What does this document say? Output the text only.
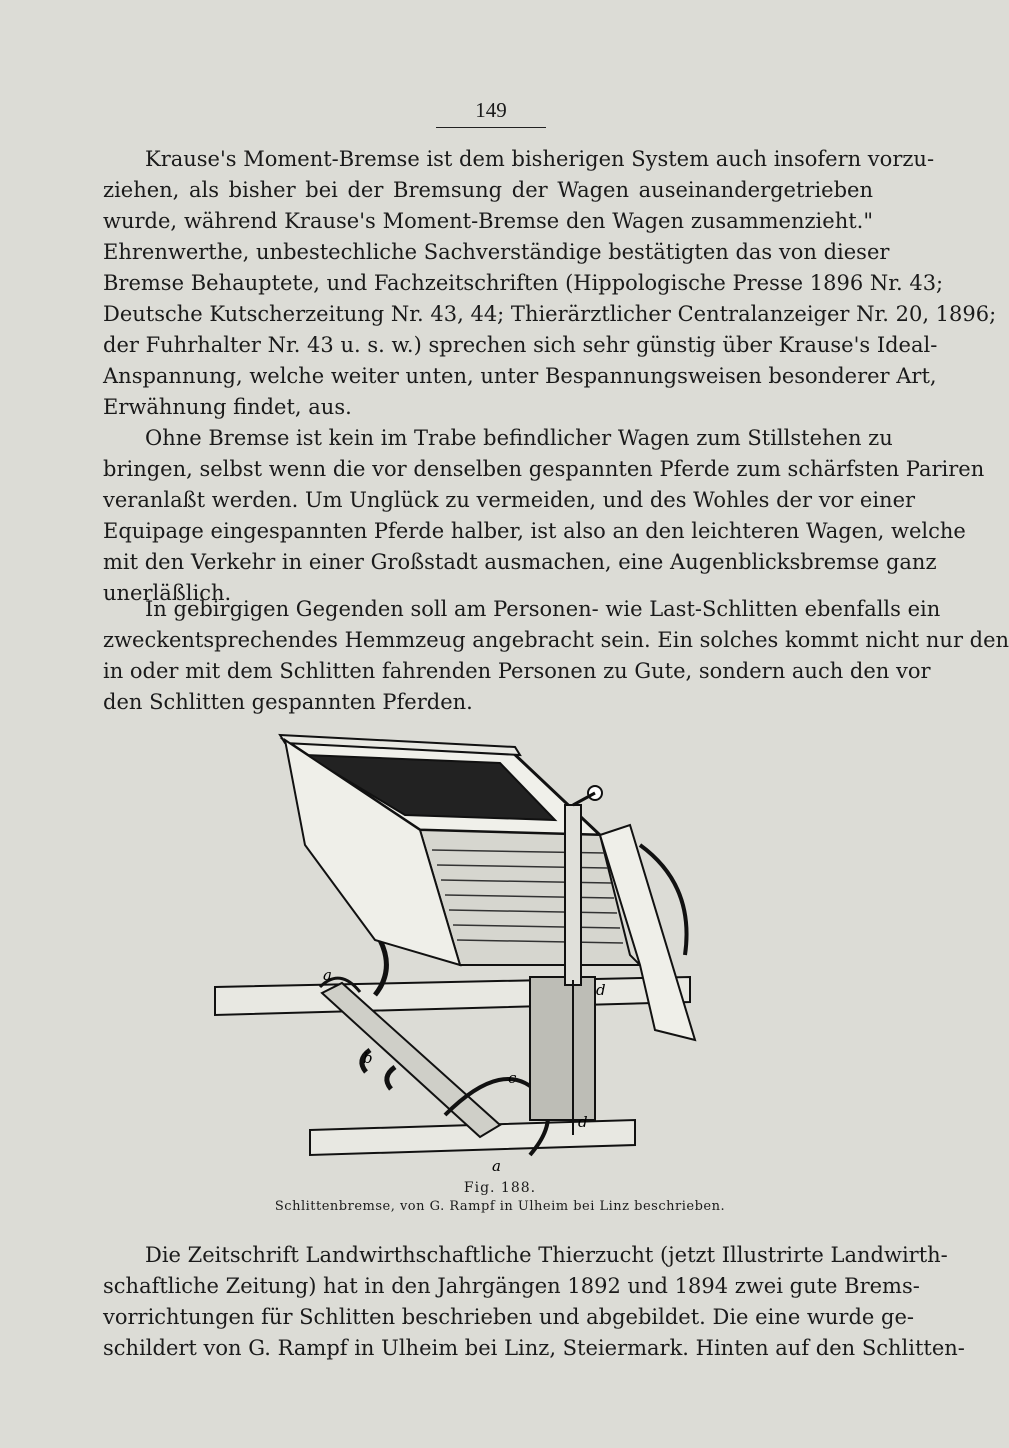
149
Krause's Moment-Bremse ist dem bisherigen System auch insofern vorzu-
ziehen, als bisher bei der Bremsung der Wagen auseinandergetrieben
wurde, während Krause's Moment-Bremse den Wagen zusammenzieht."
Ehrenwerthe, unbestechliche Sachverständige bestätigten das von dieser
Bremse Behauptete, und Fachzeitschriften (Hippologische Presse 1896 Nr. 43;
Deutsche Kutscherzeitung Nr. 43, 44; Thierärztlicher Centralanzeiger Nr. 20, 1896;
der Fuhrhalter Nr. 43 u. s. w.) sprechen sich sehr günstig über Krause's Ideal-
Anspannung, welche weiter unten, unter Bespannungsweisen besonderer Art,
Erwähnung findet, aus.
Ohne Bremse ist kein im Trabe befindlicher Wagen zum Stillstehen zu
bringen, selbst wenn die vor denselben gespannten Pferde zum schärfsten Pariren
veranlaßt werden. Um Unglück zu vermeiden, und des Wohles der vor einer
Equipage eingespannten Pferde halber, ist also an den leichteren Wagen, welche
mit den Verkehr in einer Großstadt ausmachen, eine Augenblicksbremse ganz
unerläßlich.
In gebirgigen Gegenden soll am Personen- wie Last-Schlitten ebenfalls ein
zweckentsprechendes Hemmzeug angebracht sein. Ein solches kommt nicht nur den
in oder mit dem Schlitten fahrenden Personen zu Gute, sondern auch den vor
den Schlitten gespannten Pferden.
a
b
c
d
d
a
Fig. 188.
Schlittenbremse, von G. Rampf in Ulheim bei Linz beschrieben.
Die Zeitschrift Landwirthschaftliche Thierzucht (jetzt Illustrirte Landwirth-
schaftliche Zeitung) hat in den Jahrgängen 1892 und 1894 zwei gute Brems-
vorrichtungen für Schlitten beschrieben und abgebildet. Die eine wurde ge-
schildert von G. Rampf in Ulheim bei Linz, Steiermark. Hinten auf den Schlitten-
